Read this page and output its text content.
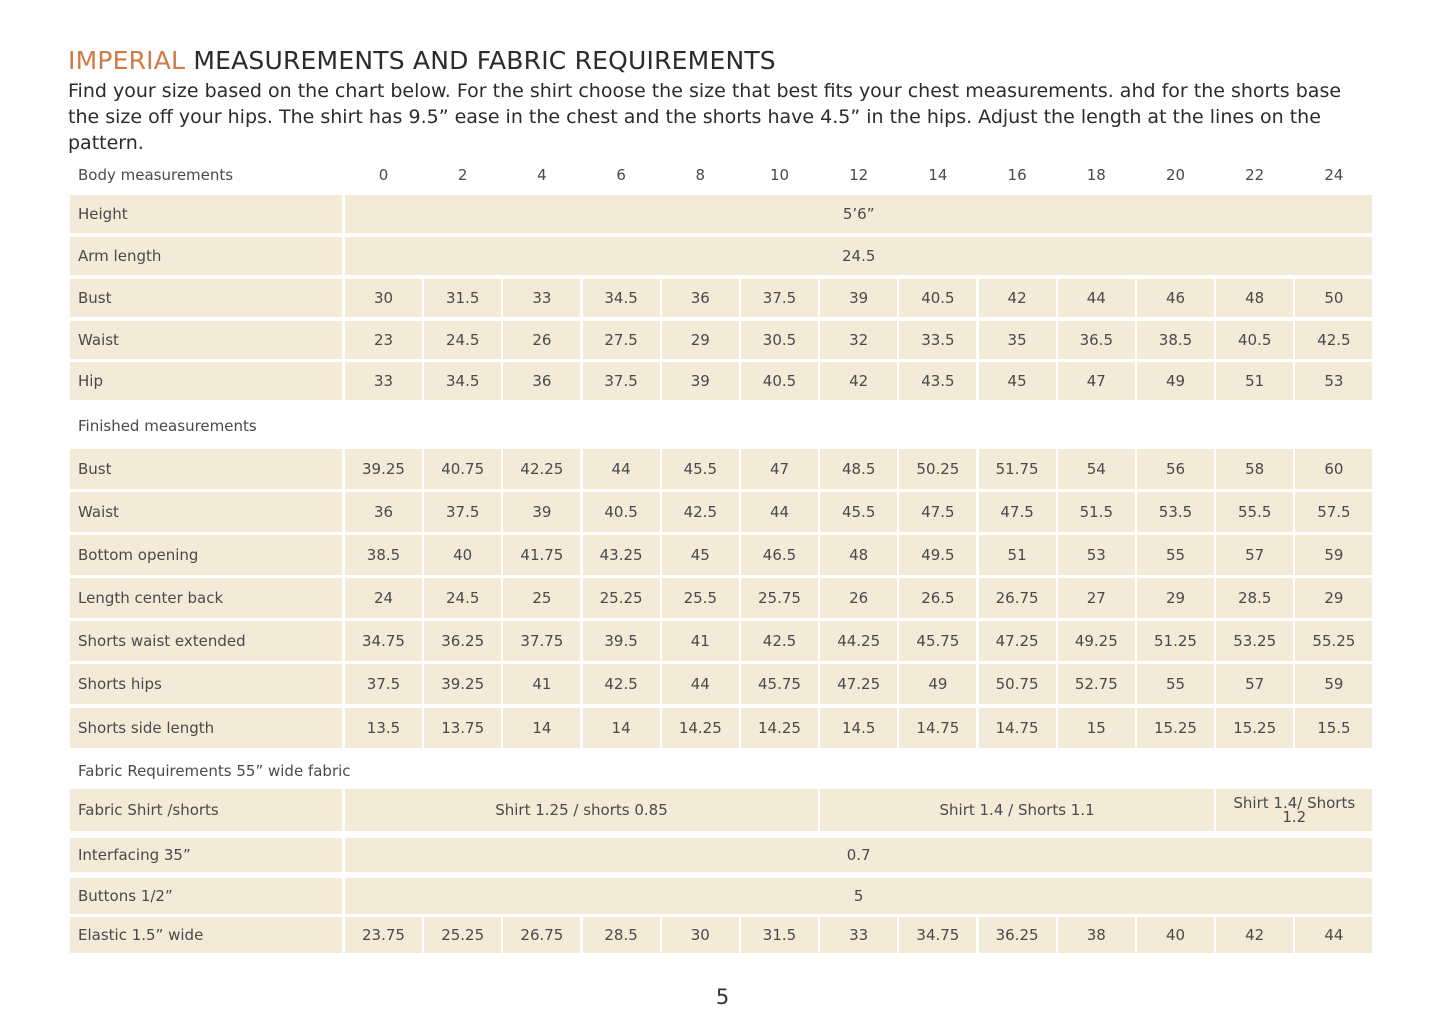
IMPERIAL MEASUREMENTS AND FABRIC REQUIREMENTS
Find your size based on the chart below. For the shirt choose the size that best fits your chest measurements. ahd for the shorts base the size off your hips. The shirt has 9.5” ease in the chest and the shorts have 4.5” in the hips. Adjust the length at the lines on the pattern.
Body measurements	0	2	4	6	8	10	12	14	16	18	20	22	24
Height	5’6”
Arm length	24.5
Bust	30	31.5	33	34.5	36	37.5	39	40.5	42	44	46	48	50
Waist	23	24.5	26	27.5	29	30.5	32	33.5	35	36.5	38.5	40.5	42.5
Hip	33	34.5	36	37.5	39	40.5	42	43.5	45	47	49	51	53
Finished measurements
Bust	39.25	40.75	42.25	44	45.5	47	48.5	50.25	51.75	54	56	58	60
Waist	36	37.5	39	40.5	42.5	44	45.5	47.5	47.5	51.5	53.5	55.5	57.5
Bottom opening	38.5	40	41.75	43.25	45	46.5	48	49.5	51	53	55	57	59
Length center back	24	24.5	25	25.25	25.5	25.75	26	26.5	26.75	27	29	28.5	29
Shorts waist extended	34.75	36.25	37.75	39.5	41	42.5	44.25	45.75	47.25	49.25	51.25	53.25	55.25
Shorts hips	37.5	39.25	41	42.5	44	45.75	47.25	49	50.75	52.75	55	57	59
Shorts side length	13.5	13.75	14	14	14.25	14.25	14.5	14.75	14.75	15	15.25	15.25	15.5
Fabric Requirements 55” wide fabric
Fabric Shirt /shorts	Shirt 1.25 / shorts 0.85	Shirt 1.4 / Shorts 1.1	Shirt 1.4/ Shorts 1.2
Interfacing 35”	0.7
Buttons 1/2”	5
Elastic 1.5” wide	23.75	25.25	26.75	28.5	30	31.5	33	34.75	36.25	38	40	42	44
5
